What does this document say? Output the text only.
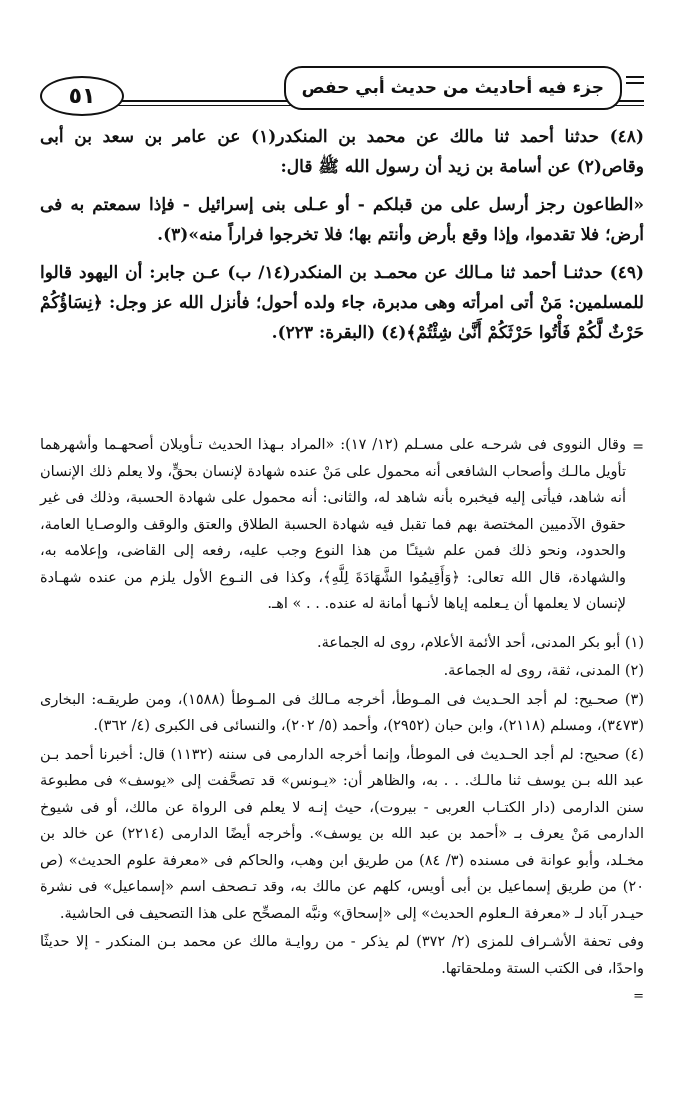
جزء فيه أحاديث من حديث أبي حفص
٥١

(٤٨) حدثنا أحمد ثنا مالك عن محمد بن المنكدر(١) عن عامر بن سعد بن أبى وقاص(٢) عن أسامة بن زيد أن رسول الله ﷺ قال:

«الطاعون رجز أرسل على من قبلكم - أو عـلى بنى إسرائيل - فإذا سمعتم به فى أرض؛ فلا تقدموا، وإذا وقع بأرض وأنتم بها؛ فلا تخرجوا فراراً منه»(٣).

(٤٩) حدثنـا أحمد ثنا مـالك عن محمـد بن المنكدر(١٤/ ب) عـن جابر: أن اليهود قالوا للمسلمين: مَنْ أتى امرأته وهى مدبرة، جاء ولده أحول؛ فأنزل الله عز وجل: ﴿نِسَاؤُكُمْ حَرْثٌ لَّكُمْ فَأْتُوا حَرْثَكُمْ أَنَّىٰ شِئْتُمْ﴾(٤) (البقرة: ٢٢٣).

=
وقال النووى فى شرحـه على مسـلم (١٢/ ١٧): «المراد بـهذا الحديث تـأويلان أصحهـما وأشهرهما تأويل مالـك وأصحاب الشافعى أنه محمول على مَنْ عنده شهادة لإنسان بحقٍّ، ولا يعلم ذلك الإنسان أنه شاهد، فيأتى إليه فيخبره بأنه شاهد له، والثانى: أنه محمول على شهادة الحسبة، وذلك فى غير حقوق الآدميين المختصة بهم فما تقبل فيه شهادة الحسبة الطلاق والعتق والوقف والوصـايا العامة، والحدود، ونحو ذلك فمن علم شيئـًا من هذا النوع وجب عليه، رفعه إلى القاضى، وإعلامه به، والشهادة، قال الله تعالى: ﴿وَأَقِيمُوا الشَّهَادَةَ لِلَّهِ﴾، وكذا فى النـوع الأول يلزم من عنده شهـادة لإنسان لا يعلمها أن يـعلمه إياها لأنـها أمانة له عنده. . . » اهـ.

(١) أبو بكر المدنى، أحد الأئمة الأعلام، روى له الجماعة.

(٢) المدنى، ثقة، روى له الجماعة.

(٣) صحـيح: لم أجد الحـديث فى المـوطأ، أخرجه مـالك فى المـوطأ (١٥٨٨)، ومن طريقـه: البخارى (٣٤٧٣)، ومسلم (٢١١٨)، وابن حبان (٢٩٥٢)، وأحمد (٥/ ٢٠٢)، والنسائى فى الكبرى (٤/ ٣٦٢).

(٤) صحيح: لم أجد الحـديث فى الموطأ، وإنما أخرجه الدارمى فى سننه (١١٣٢) قال: أخبرنا أحمد بـن عبد الله بـن يوسف ثنا مالـك. . . به، والظاهر أن: «يـونس» قد تصحَّفت إلى «يوسف» فى مطبوعة سنن الدارمى (دار الكتـاب العربى - بيروت)، حيث إنـه لا يعلم فى الرواة عن مالك، أو فى شيوخ الدارمى مَنْ يعرف بـ «أحمد بن عبد الله بن يوسف». وأخرجه أيضًا الدارمى (٢٢١٤) عن خالد بن مخـلد، وأبو عوانة فى مسنده (٣/ ٨٤) من طريق ابن وهب، والحاكم فى «معرفة علوم الحديث» (ص ٢٠) من طريق إسماعيل بن أبى أويس، كلهم عن مالك به، وقد تـصحف اسم «إسماعيل» فى نشرة حيـدر آباد لـ «معرفة الـعلوم الحديث» إلى «إسحاق» ونبَّه المصحِّح على هذا التصحيف فى الحاشية.

وفى تحفة الأشـراف للمزى (٢/ ٣٧٢) لم يذكر - من روايـة مالك عن محمد بـن المنكدر - إلا حديثًا واحدًا، فى الكتب الستة وملحقاتها.

=
